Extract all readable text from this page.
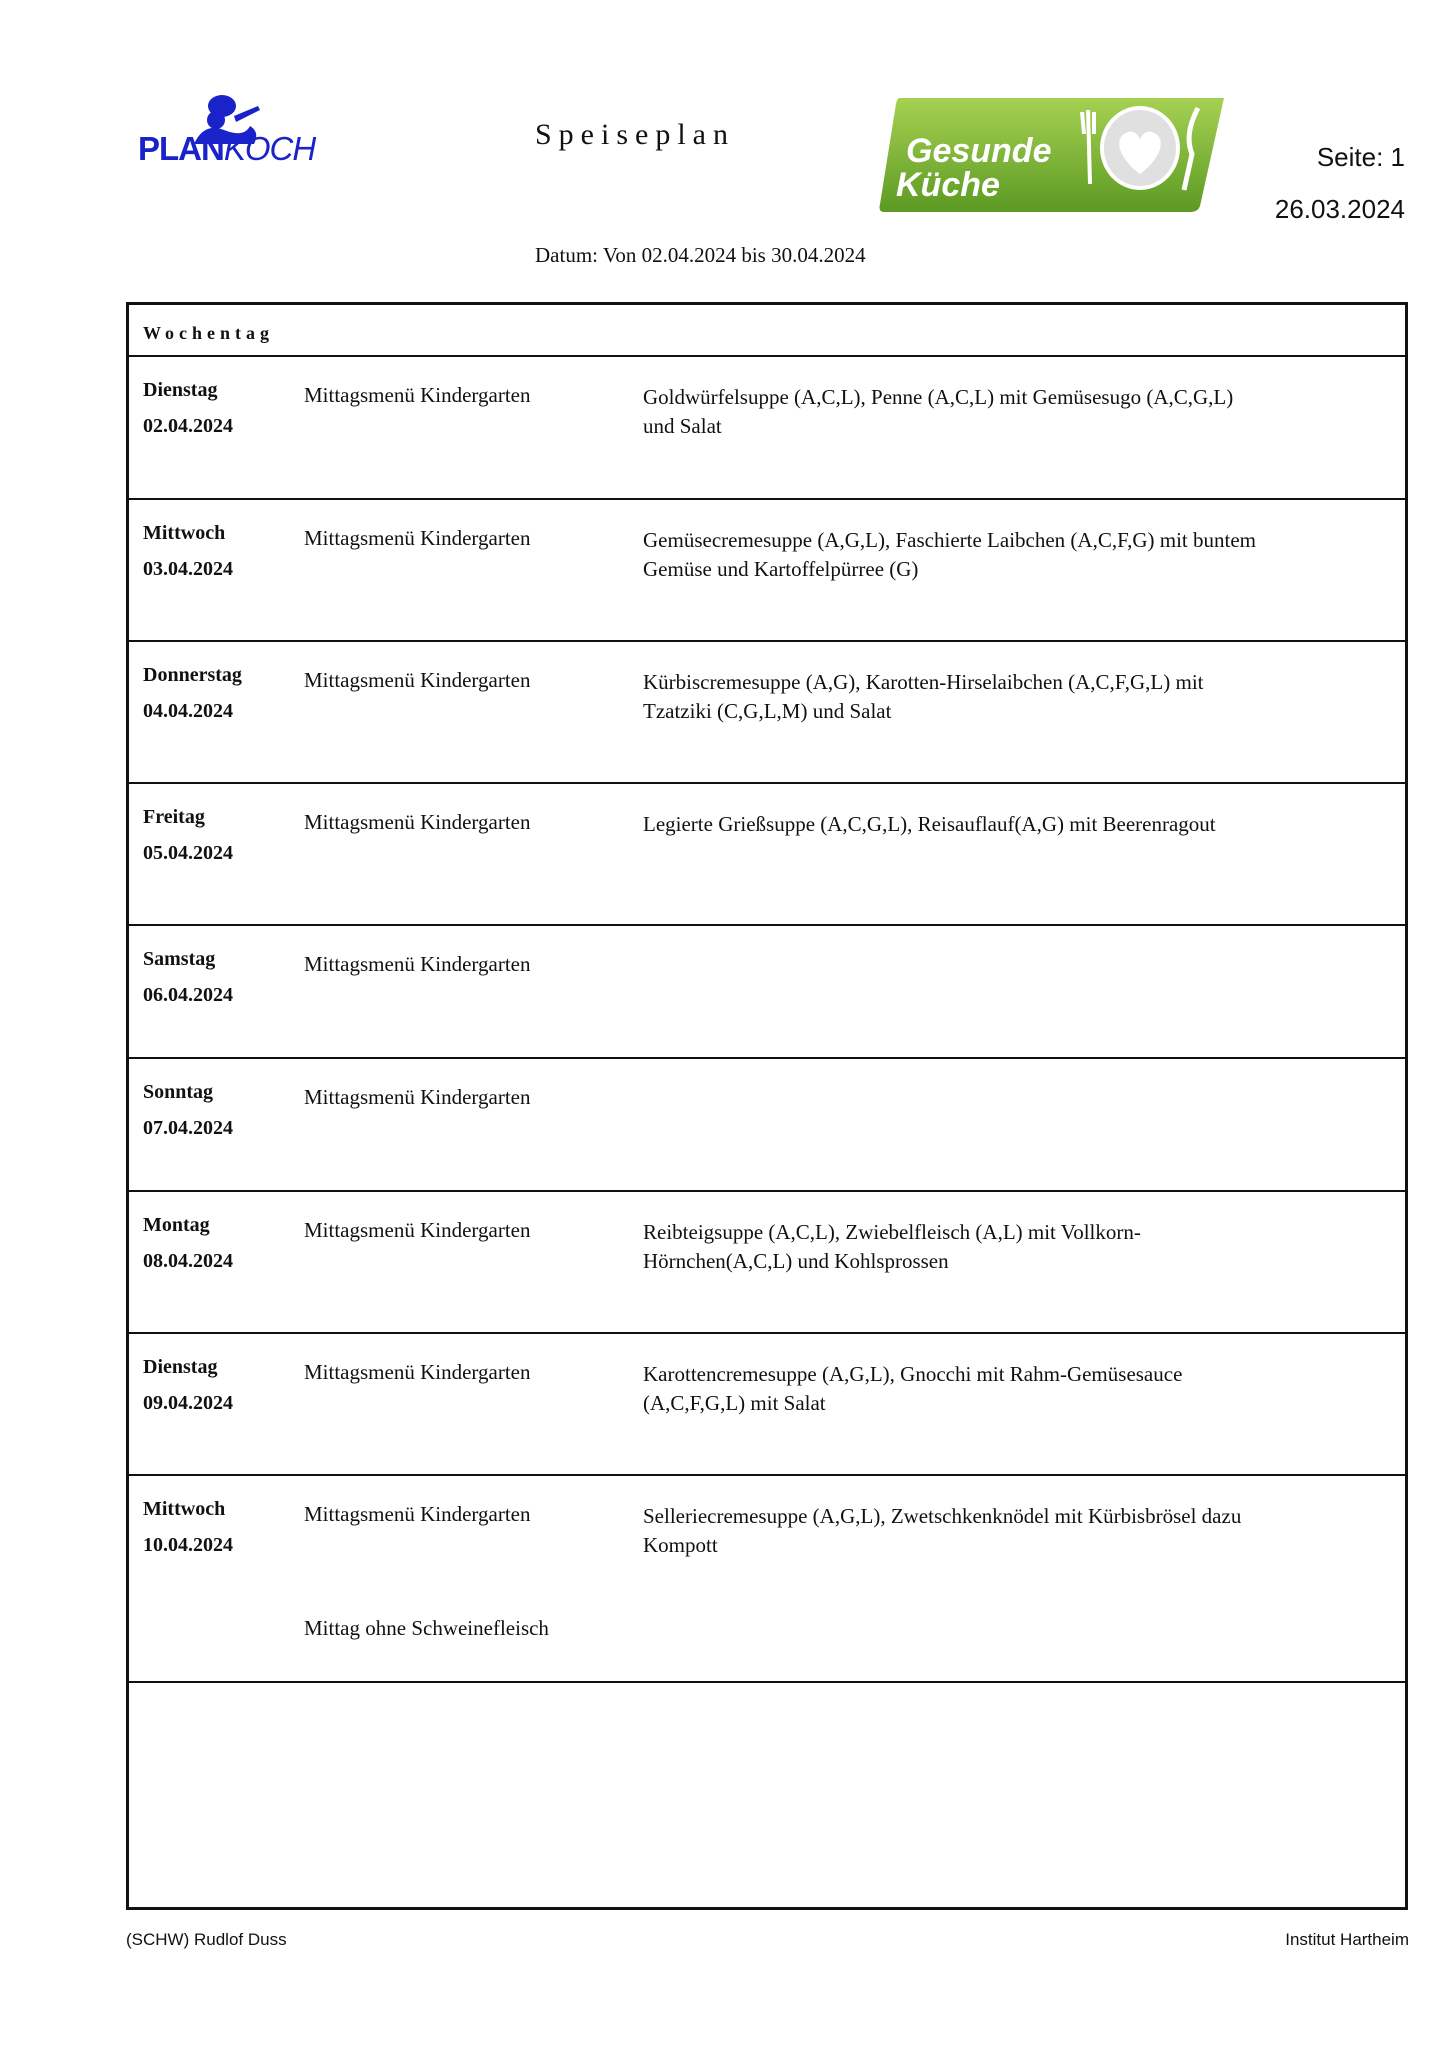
PLANKOCH	Speiseplan
Datum: Von 02.04.2024 bis 30.04.2024
Gesunde
Küche
Seite: 1
26.03.2024
Wochentag
Dienstag
02.04.2024
Mittagsmenü Kindergarten	Goldwürfelsuppe (A,C,L), Penne (A,C,L) mit Gemüsesugo (A,C,G,L) und Salat
Mittwoch
03.04.2024
Mittagsmenü Kindergarten	Gemüsecremesuppe (A,G,L), Faschierte Laibchen (A,C,F,G) mit buntem Gemüse und Kartoffelpürree (G)
Donnerstag
04.04.2024
Mittagsmenü Kindergarten	Kürbiscremesuppe (A,G), Karotten-Hirselaibchen (A,C,F,G,L) mit Tzatziki (C,G,L,M) und Salat
Freitag
05.04.2024
Mittagsmenü Kindergarten	Legierte Grießsuppe (A,C,G,L), Reisauflauf(A,G) mit Beerenragout
Samstag
06.04.2024
Mittagsmenü Kindergarten
Sonntag
07.04.2024
Mittagsmenü Kindergarten
Montag
08.04.2024
Mittagsmenü Kindergarten	Reibteigsuppe (A,C,L), Zwiebelfleisch (A,L) mit Vollkorn-Hörnchen(A,C,L) und Kohlsprossen
Dienstag
09.04.2024
Mittagsmenü Kindergarten	Karottencremesuppe (A,G,L), Gnocchi mit Rahm-Gemüsesauce (A,C,F,G,L) mit Salat
Mittwoch
10.04.2024
Mittagsmenü Kindergarten	Selleriecremesuppe (A,G,L), Zwetschkenknödel mit Kürbisbrösel dazu Kompott
Mittag ohne Schweinefleisch
(SCHW) Rudlof Duss	Institut Hartheim
